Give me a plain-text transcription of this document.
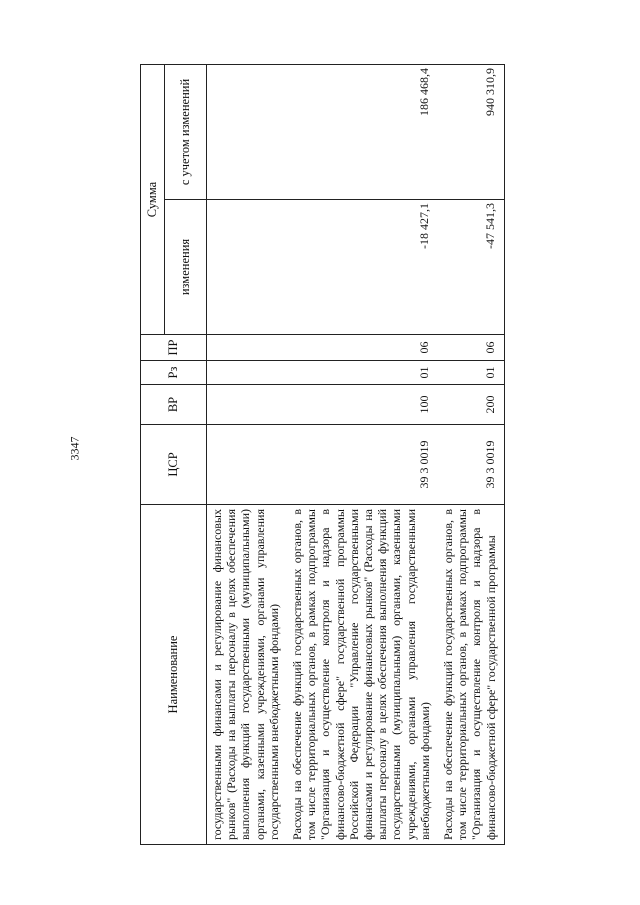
3347
Наименование	ЦСР	ВР	Рз	ПР	Сумма	
					изменения	с учетом изменений
государственными финансами и регулирование финансовых рынков" (Расходы на выплаты персоналу в целях обеспечения выполнения функций государственными (муниципальными) органами, казенными учреждениями, органами управления государственными внебюджетными фондами)						
Расходы на обеспечение функций государственных органов, в том числе территориальных органов, в рамках подпрограммы "Организация и осуществление контроля и надзора в финансово-бюджетной сфере" государственной программы Российской Федерации "Управление государственными финансами и регулирование финансовых рынков" (Расходы на выплаты персоналу в целях обеспечения выполнения функций государственными (муниципальными) органами, казенными учреждениями, органами управления государственными внебюджетными фондами)	39 3 0019	100	01	06	-18 427,1	186 468,4
Расходы на обеспечение функций государственных органов, в том числе территориальных органов, в рамках подпрограммы "Организация и осуществление контроля и надзора в финансово-бюджетной сфере" государственной программы	39 3 0019	200	01	06	-47 541,3	940 310,9
